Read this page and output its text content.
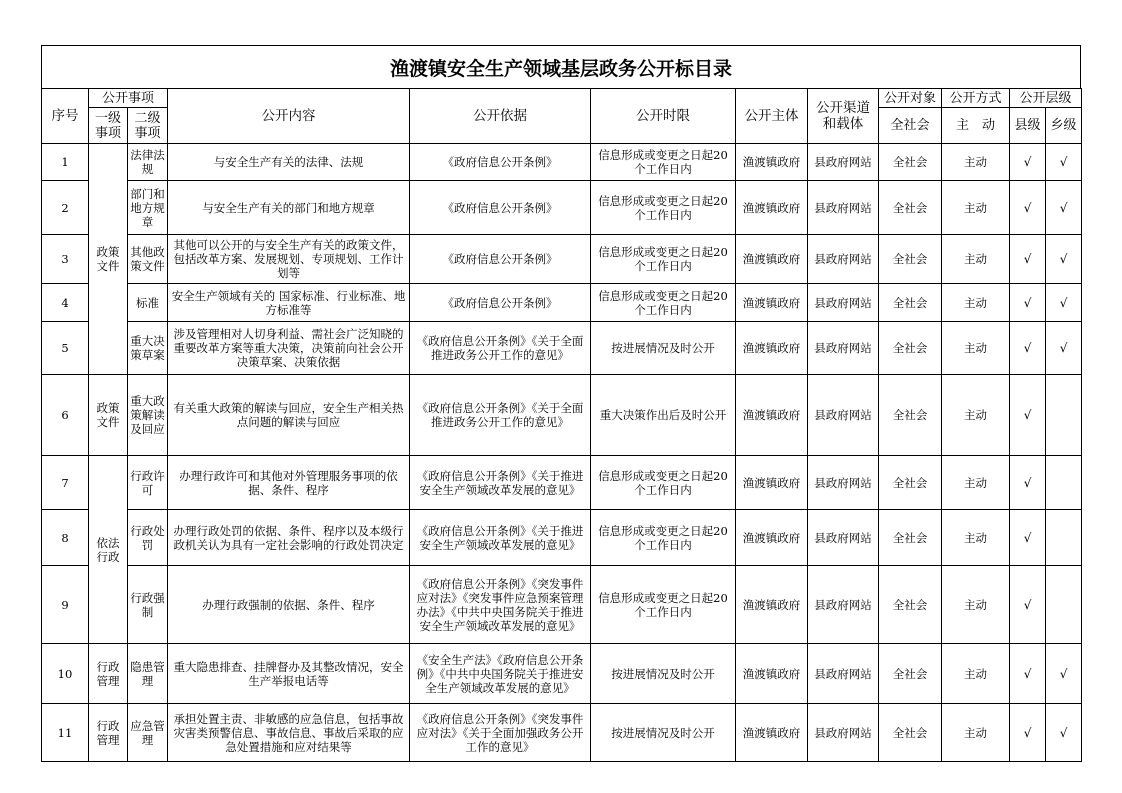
渔渡镇安全生产领域基层政务公开标目录
序号	公开事项		公开内容	公开依据	公开时限	公开主体	公开渠道和载体	公开对象	公开方式	公开层级	
	一级事项	二级事项						全社会	主　动	县级	乡级

1	政策文件	法律法规	与安全生产有关的法律、法规	《政府信息公开条例》	信息形成或变更之日起20个工作日内	渔渡镇政府	县政府网站	全社会	主动	√	√
2		部门和地方规章	与安全生产有关的部门和地方规章	《政府信息公开条例》	信息形成或变更之日起20个工作日内	渔渡镇政府	县政府网站	全社会	主动	√	√
3		其他政策文件	其他可以公开的与安全生产有关的政策文件，包括改革方案、发展规划、专项规划、工作计划等	《政府信息公开条例》	信息形成或变更之日起20个工作日内	渔渡镇政府	县政府网站	全社会	主动	√	√
4		标准	安全生产领域有关的 国家标准、行业标准、地方标准等	《政府信息公开条例》	信息形成或变更之日起20个工作日内	渔渡镇政府	县政府网站	全社会	主动	√	√
5		重大决策草案	涉及管理相对人切身利益、需社会广泛知晓的重要改革方案等重大决策，决策前向社会公开决策草案、决策依据	《政府信息公开条例》《关于全面推进政务公开工作的意见》	按进展情况及时公开	渔渡镇政府	县政府网站	全社会	主动	√	√
6	政策文件	重大政策解读及回应	有关重大政策的解读与回应，安全生产相关热点问题的解读与回应	《政府信息公开条例》《关于全面推进政务公开工作的意见》	重大决策作出后及时公开	渔渡镇政府	县政府网站	全社会	主动	√	
7	依法行政	行政许可	办理行政许可和其他对外管理服务事项的依据、条件、程序	《政府信息公开条例》《关于推进安全生产领域改革发展的意见》	信息形成或变更之日起20个工作日内	渔渡镇政府	县政府网站	全社会	主动	√	
8		行政处罚	办理行政处罚的依据、条件、程序以及本级行政机关认为具有一定社会影响的行政处罚决定	《政府信息公开条例》《关于推进安全生产领域改革发展的意见》	信息形成或变更之日起20个工作日内	渔渡镇政府	县政府网站	全社会	主动	√	
9		行政强制	办理行政强制的依据、条件、程序	《政府信息公开条例》《突发事件应对法》《突发事件应急预案管理办法》《中共中央国务院关于推进安全生产领域改革发展的意见》	信息形成或变更之日起20个工作日内	渔渡镇政府	县政府网站	全社会	主动	√	
10	行政管理	隐患管理	重大隐患排查、挂牌督办及其整改情况，安全生产举报电话等	《安全生产法》《政府信息公开条例》《中共中央国务院关于推进安全生产领域改革发展的意见》	按进展情况及时公开	渔渡镇政府	县政府网站	全社会	主动	√	√
11	行政管理	应急管理	承担处置主责、非敏感的应急信息，包括事故灾害类预警信息、事故信息、事故后采取的应急处置措施和应对结果等	《政府信息公开条例》《突发事件应对法》《关于全面加强政务公开工作的意见》	按进展情况及时公开	渔渡镇政府	县政府网站	全社会	主动	√	√
